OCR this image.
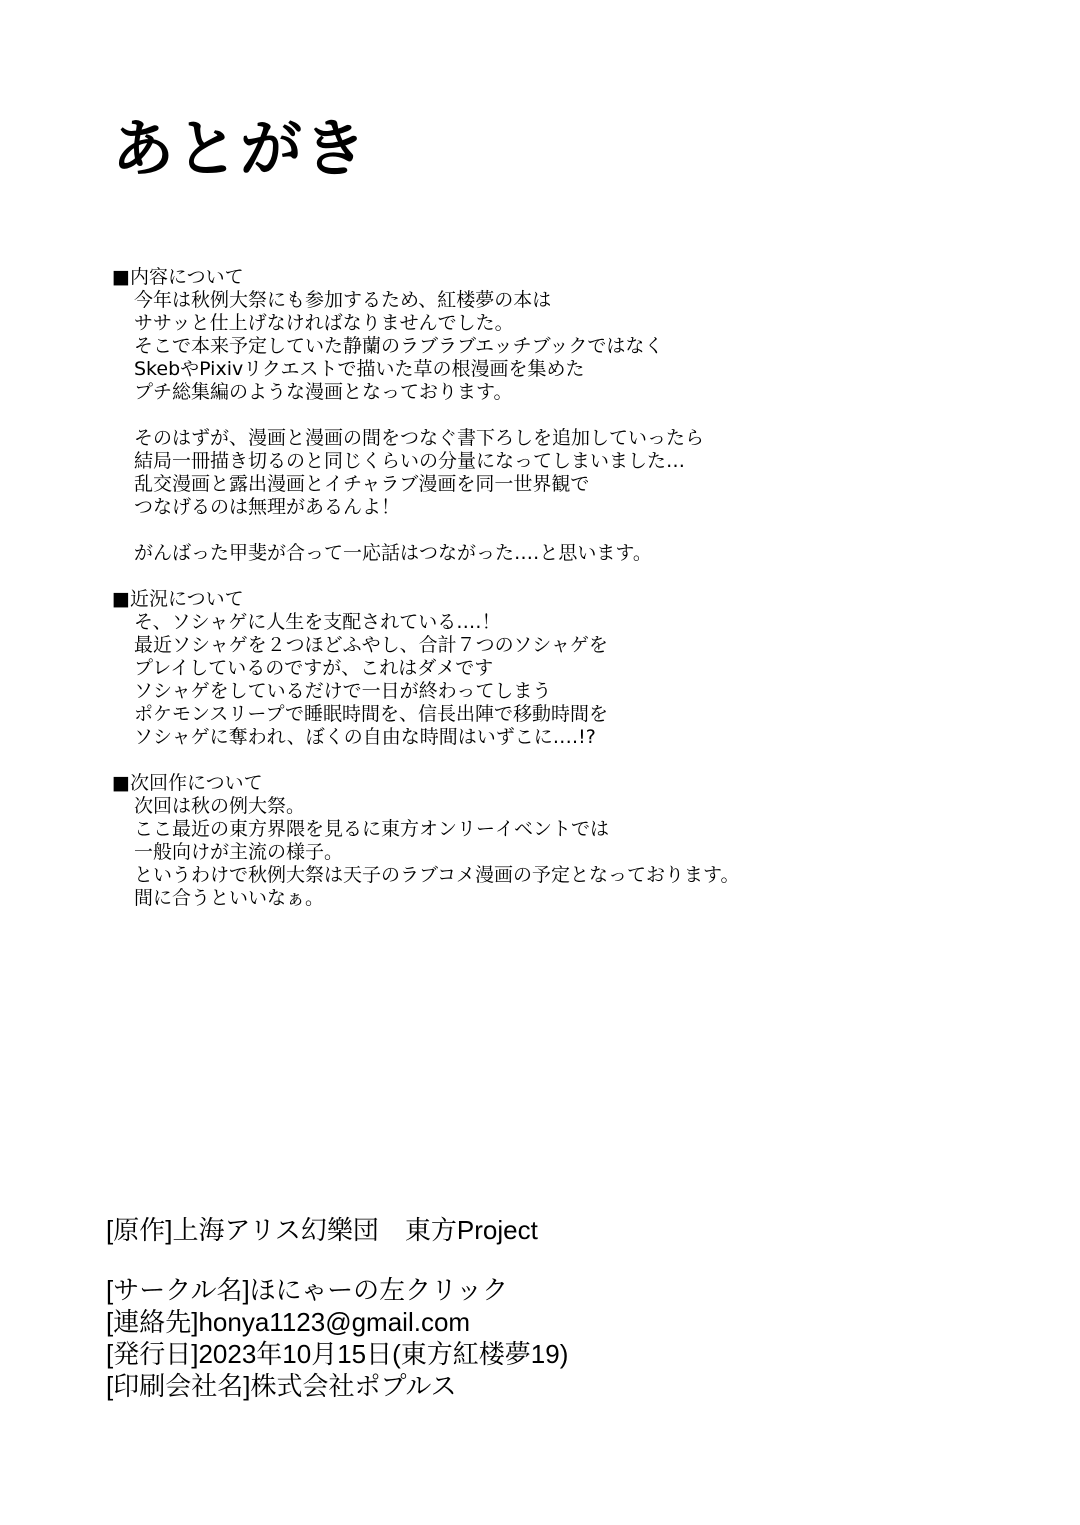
あとがき
■内容について
今年は秋例大祭にも参加するため、紅楼夢の本は
ササッと仕上げなければなりませんでした。
そこで本来予定していた静蘭のラブラブエッチブックではなく
SkebやPixivリクエストで描いた草の根漫画を集めた
プチ総集編のような漫画となっております。
そのはずが、漫画と漫画の間をつなぐ書下ろしを追加していったら
結局一冊描き切るのと同じくらいの分量になってしまいました…
乱交漫画と露出漫画とイチャラブ漫画を同一世界観で
つなげるのは無理があるんよ！
がんばった甲斐が合って一応話はつながった‥‥と思います。
■近況について
そ、ソシャゲに人生を支配されている‥‥！
最近ソシャゲを２つほどふやし、合計７つのソシャゲを
プレイしているのですが、これはダメです
ソシャゲをしているだけで一日が終わってしまう
ポケモンスリープで睡眠時間を、信長出陣で移動時間を
ソシャゲに奪われ、ぼくの自由な時間はいずこに‥‥!?
■次回作について
次回は秋の例大祭。
ここ最近の東方界隈を見るに東方オンリーイベントでは
一般向けが主流の様子。
というわけで秋例大祭は天子のラブコメ漫画の予定となっております。
間に合うといいなぁ。
[原作]上海アリス幻樂団　東方Project
[サークル名]ほにゃーの左クリック
[連絡先]honya1123@gmail.com
[発行日]2023年10月15日(東方紅楼夢19)
[印刷会社名]株式会社ポプルス
